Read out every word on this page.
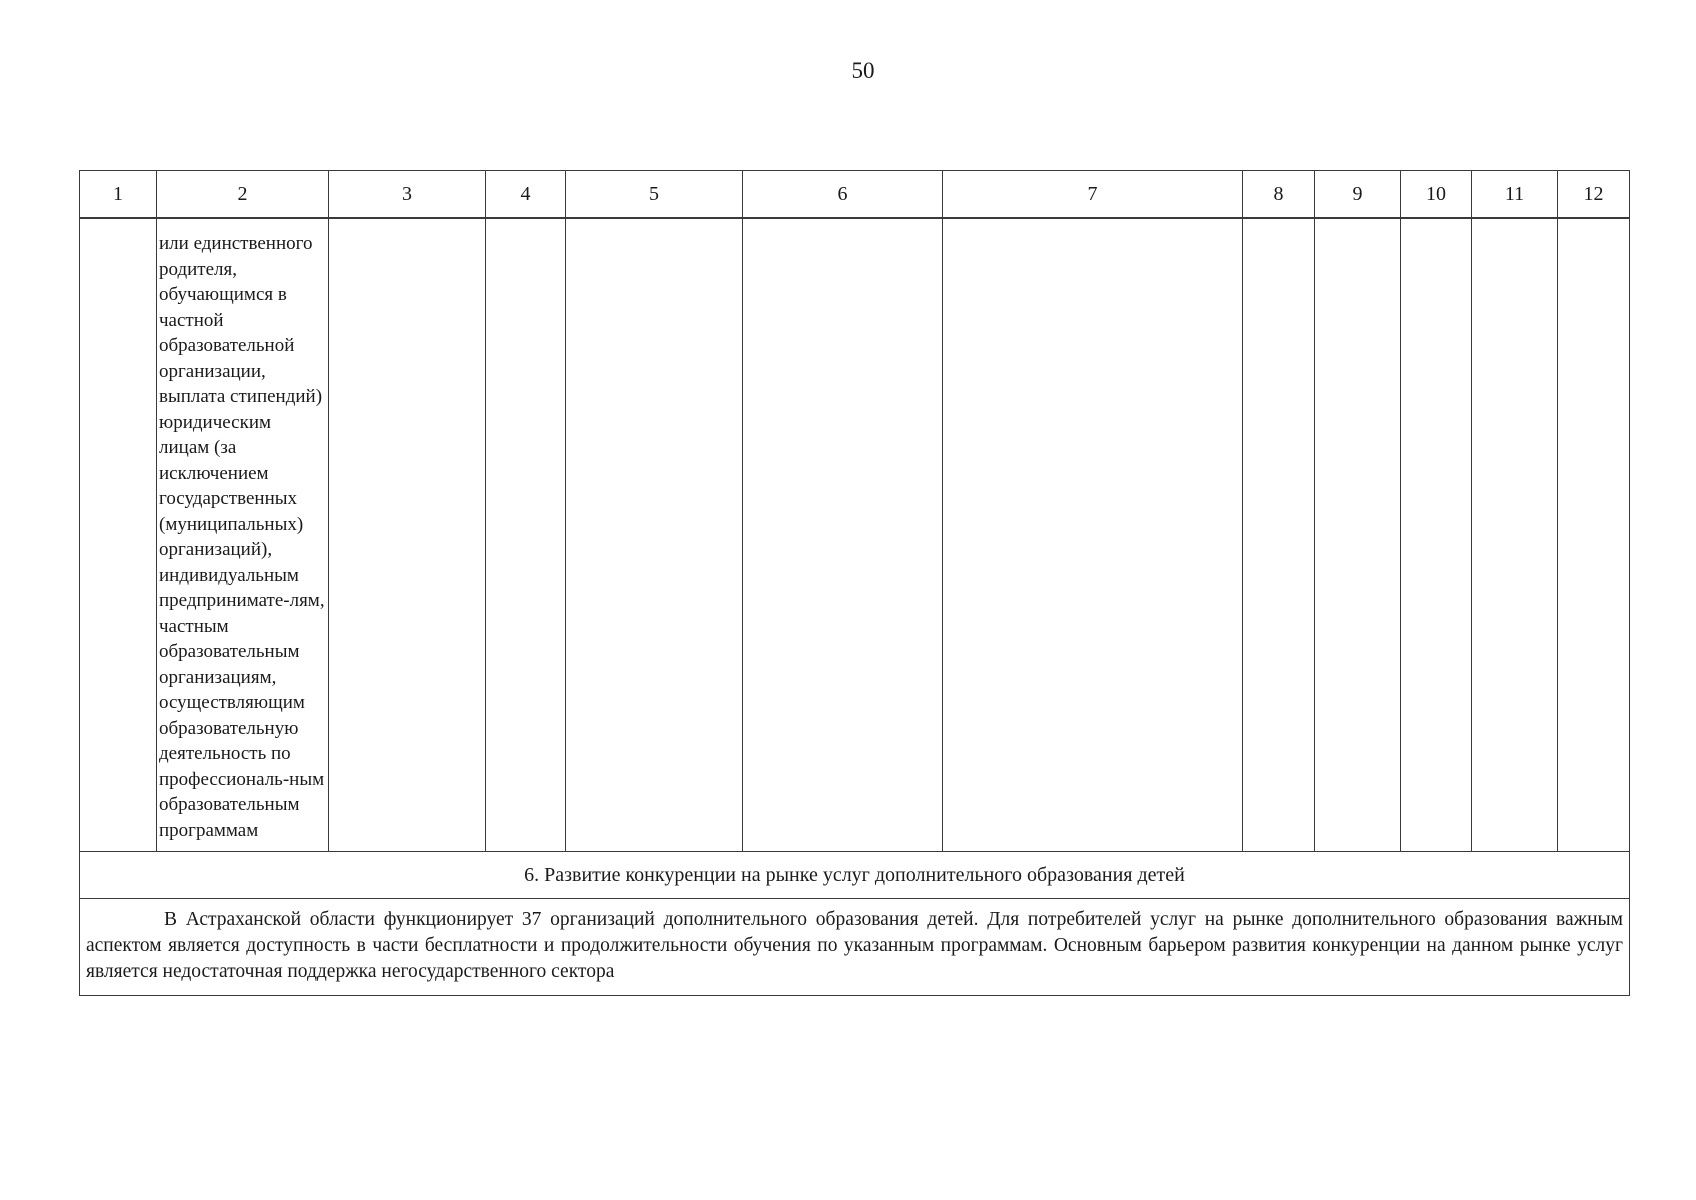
50
1	2	3	4	5	6	7	8	9	10	11	12

	или единственного родителя, обучающимся в частной образовательной организации, выплата стипендий) юридическим лицам (за исключением государственных (муниципальных) организаций), индивидуальным предпринимате-лям, частным образовательным организациям, осуществляющим образовательную деятельность по профессиональ-ным образовательным программам										

6. Развитие конкуренции на рынке услуг дополнительного образования детей											
В Астраханской области функционирует 37 организаций дополнительного образования детей. Для потребителей услуг на рынке дополнительного образования важным аспектом является доступность в части бесплатности и продолжительности обучения по указанным программам. Основным барьером развития конкуренции на данном рынке услуг является недостаточная поддержка негосударственного сектора											
